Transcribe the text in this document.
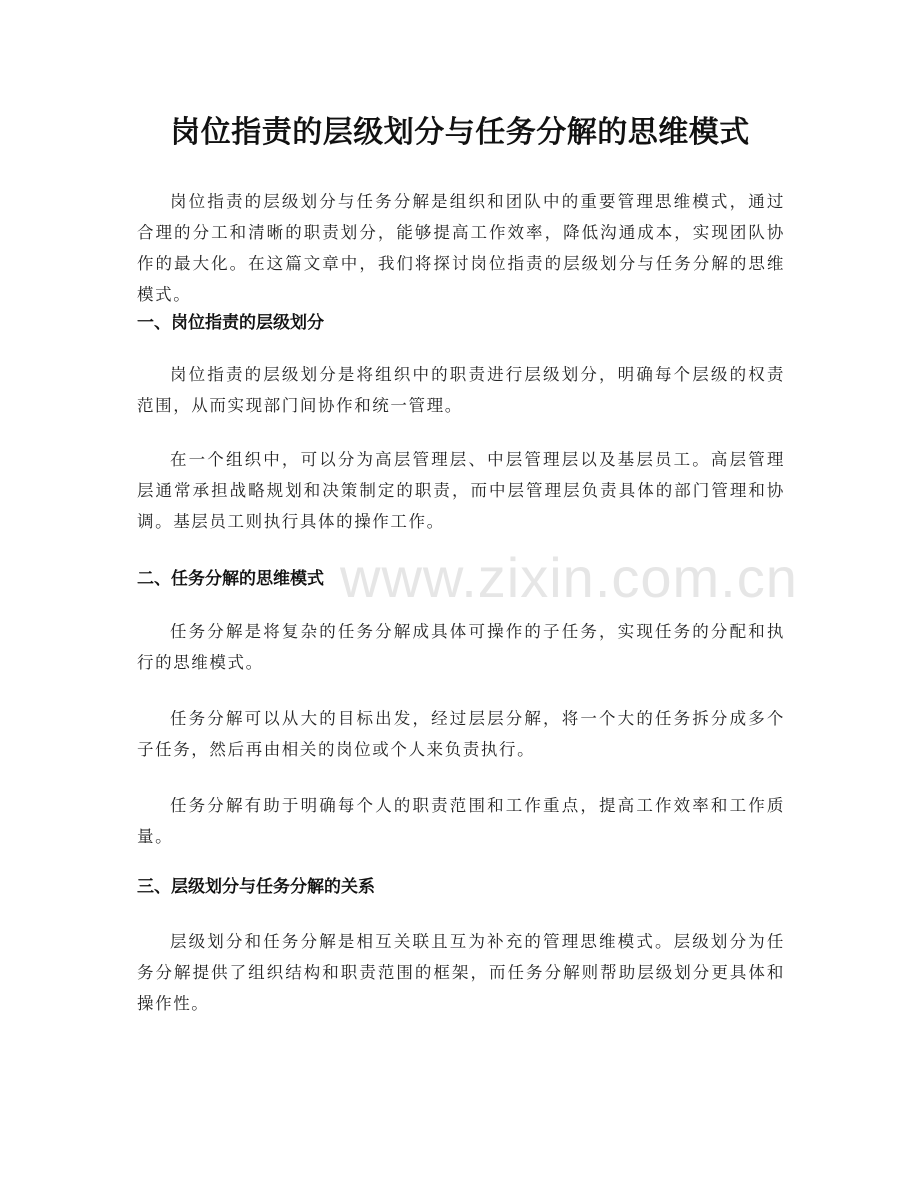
岗位指责的层级划分与任务分解的思维模式

岗位指责的层级划分与任务分解是组织和团队中的重要管理思维模式，通过合理的分工和清晰的职责划分，能够提高工作效率，降低沟通成本，实现团队协作的最大化。在这篇文章中，我们将探讨岗位指责的层级划分与任务分解的思维模式。

一、岗位指责的层级划分

岗位指责的层级划分是将组织中的职责进行层级划分，明确每个层级的权责范围，从而实现部门间协作和统一管理。

在一个组织中，可以分为高层管理层、中层管理层以及基层员工。高层管理层通常承担战略规划和决策制定的职责，而中层管理层负责具体的部门管理和协调。基层员工则执行具体的操作工作。

二、任务分解的思维模式

任务分解是将复杂的任务分解成具体可操作的子任务，实现任务的分配和执行的思维模式。

任务分解可以从大的目标出发，经过层层分解，将一个大的任务拆分成多个子任务，然后再由相关的岗位或个人来负责执行。

任务分解有助于明确每个人的职责范围和工作重点，提高工作效率和工作质量。

三、层级划分与任务分解的关系

层级划分和任务分解是相互关联且互为补充的管理思维模式。层级划分为任务分解提供了组织结构和职责范围的框架，而任务分解则帮助层级划分更具体和操作性。

www.zixin.com.cn
